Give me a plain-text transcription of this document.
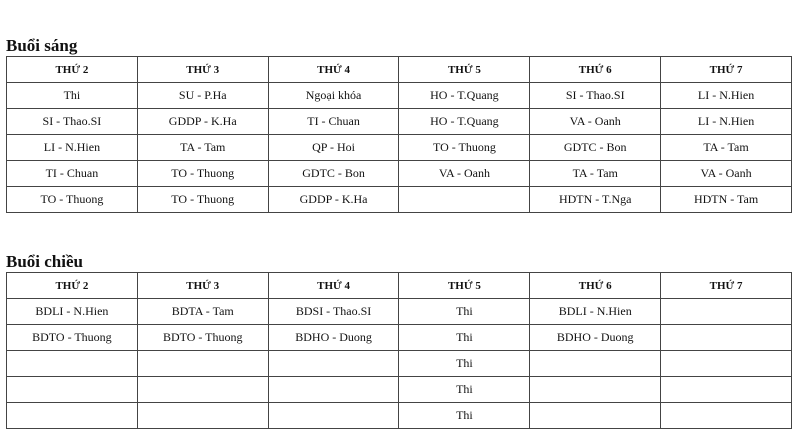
Buổi sáng
THỨ 2	THỨ 3	THỨ 4	THỨ 5	THỨ 6	THỨ 7
Thi	SU - P.Ha	Ngoại khóa	HO - T.Quang	SI - Thao.SI	LI - N.Hien
SI - Thao.SI	GDDP - K.Ha	TI - Chuan	HO - T.Quang	VA - Oanh	LI - N.Hien
LI - N.Hien	TA - Tam	QP - Hoi	TO - Thuong	GDTC - Bon	TA - Tam
TI - Chuan	TO - Thuong	GDTC - Bon	VA - Oanh	TA - Tam	VA - Oanh
TO - Thuong	TO - Thuong	GDDP - K.Ha		HDTN - T.Nga	HDTN - Tam
Buổi chiều
THỨ 2	THỨ 3	THỨ 4	THỨ 5	THỨ 6	THỨ 7
BDLI - N.Hien	BDTA - Tam	BDSI - Thao.SI	Thi	BDLI - N.Hien	
BDTO - Thuong	BDTO - Thuong	BDHO - Duong	Thi	BDHO - Duong	
			Thi		
			Thi		
			Thi		
